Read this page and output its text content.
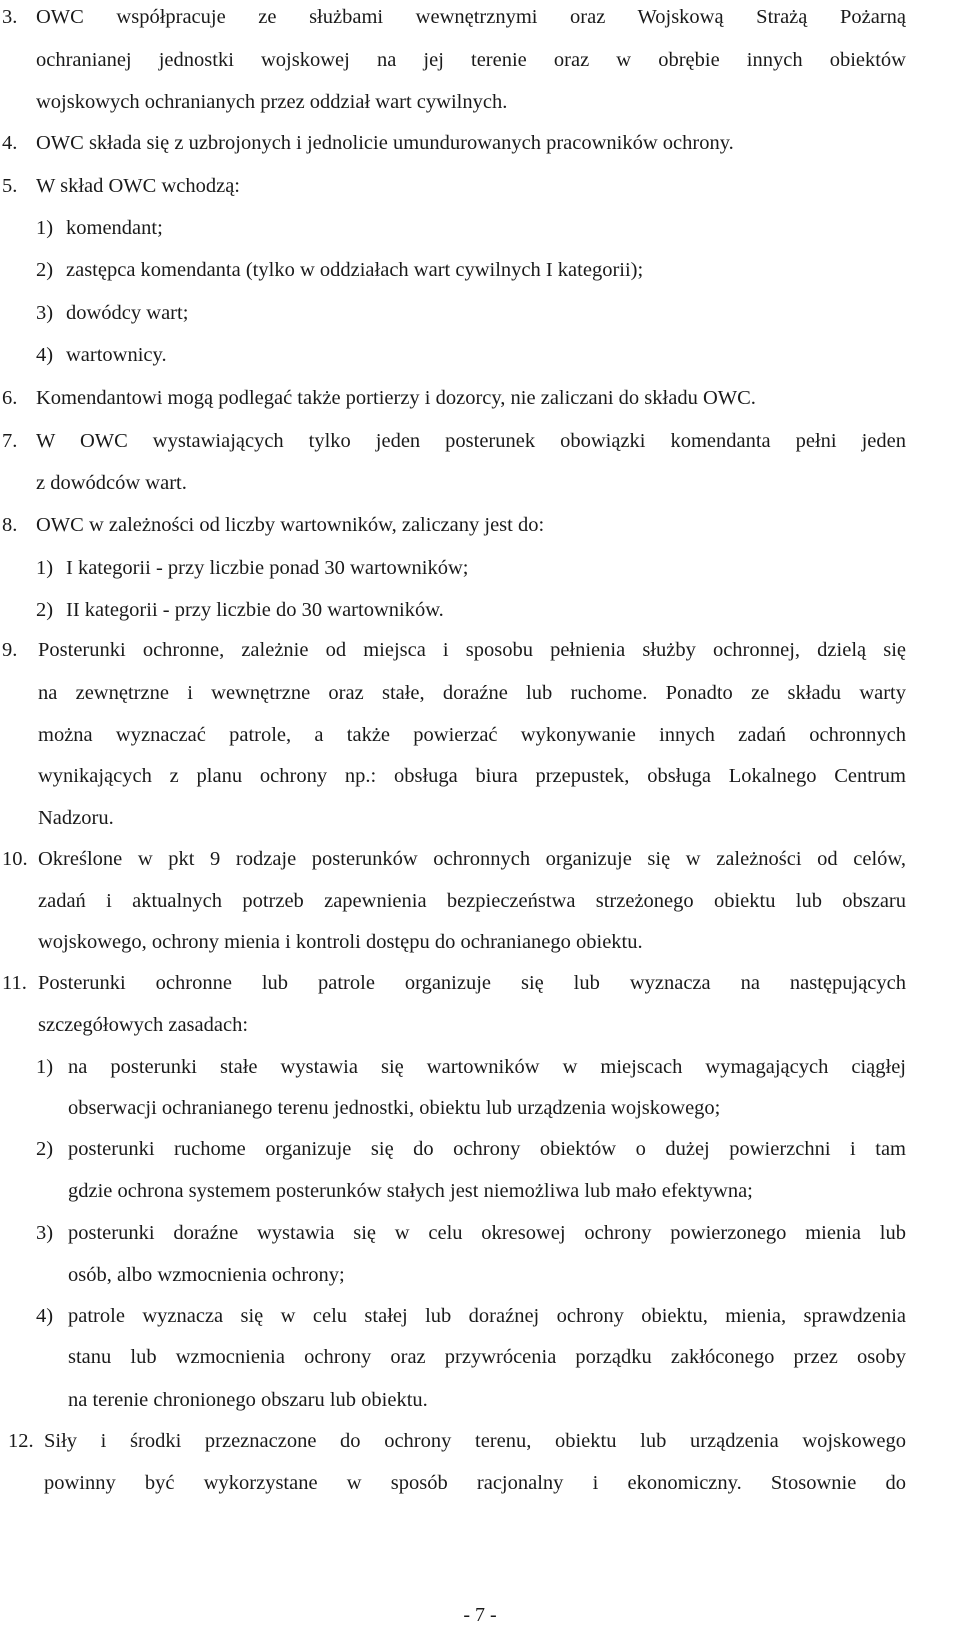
3. OWC współpracuje ze służbami wewnętrznymi oraz Wojskową Strażą Pożarną
ochranianej jednostki wojskowej na jej terenie oraz w obrębie innych obiektów
wojskowych ochranianych przez oddział wart cywilnych.
4. OWC składa się z uzbrojonych i jednolicie umundurowanych pracowników ochrony.
5. W skład OWC wchodzą:
1) komendant;
2) zastępca komendanta (tylko w oddziałach wart cywilnych I kategorii);
3) dowódcy wart;
4) wartownicy.
6. Komendantowi mogą podlegać także portierzy i dozorcy, nie zaliczani do składu OWC.
7. W OWC wystawiających tylko jeden posterunek obowiązki komendanta pełni jeden
z dowódców wart.
8. OWC w zależności od liczby wartowników, zaliczany jest do:
1) I kategorii - przy liczbie ponad 30 wartowników;
2) II kategorii - przy liczbie do 30 wartowników.
9. Posterunki ochronne, zależnie od miejsca i sposobu pełnienia służby ochronnej, dzielą się
na zewnętrzne i wewnętrzne oraz stałe, doraźne lub ruchome. Ponadto ze składu warty
można wyznaczać patrole, a także powierzać wykonywanie innych zadań ochronnych
wynikających z planu ochrony np.: obsługa biura przepustek, obsługa Lokalnego Centrum
Nadzoru.
10. Określone w pkt 9 rodzaje posterunków ochronnych organizuje się w zależności od celów,
zadań i aktualnych potrzeb zapewnienia bezpieczeństwa strzeżonego obiektu lub obszaru
wojskowego, ochrony mienia i kontroli dostępu do ochranianego obiektu.
11. Posterunki ochronne lub patrole organizuje się lub wyznacza na następujących
szczegółowych zasadach:
1) na posterunki stałe wystawia się wartowników w miejscach wymagających ciągłej
obserwacji ochranianego terenu jednostki, obiektu lub urządzenia wojskowego;
2) posterunki ruchome organizuje się do ochrony obiektów o dużej powierzchni i tam
gdzie ochrona systemem posterunków stałych jest niemożliwa lub mało efektywna;
3) posterunki doraźne wystawia się w celu okresowej ochrony powierzonego mienia lub
osób, albo wzmocnienia ochrony;
4) patrole wyznacza się w celu stałej lub doraźnej ochrony obiektu, mienia, sprawdzenia
stanu lub wzmocnienia ochrony oraz przywrócenia porządku zakłóconego przez osoby
na terenie chronionego obszaru lub obiektu.
12. Siły i środki przeznaczone do ochrony terenu, obiektu lub urządzenia wojskowego
powinny być wykorzystane w sposób racjonalny i ekonomiczny. Stosownie do
- 7 -
